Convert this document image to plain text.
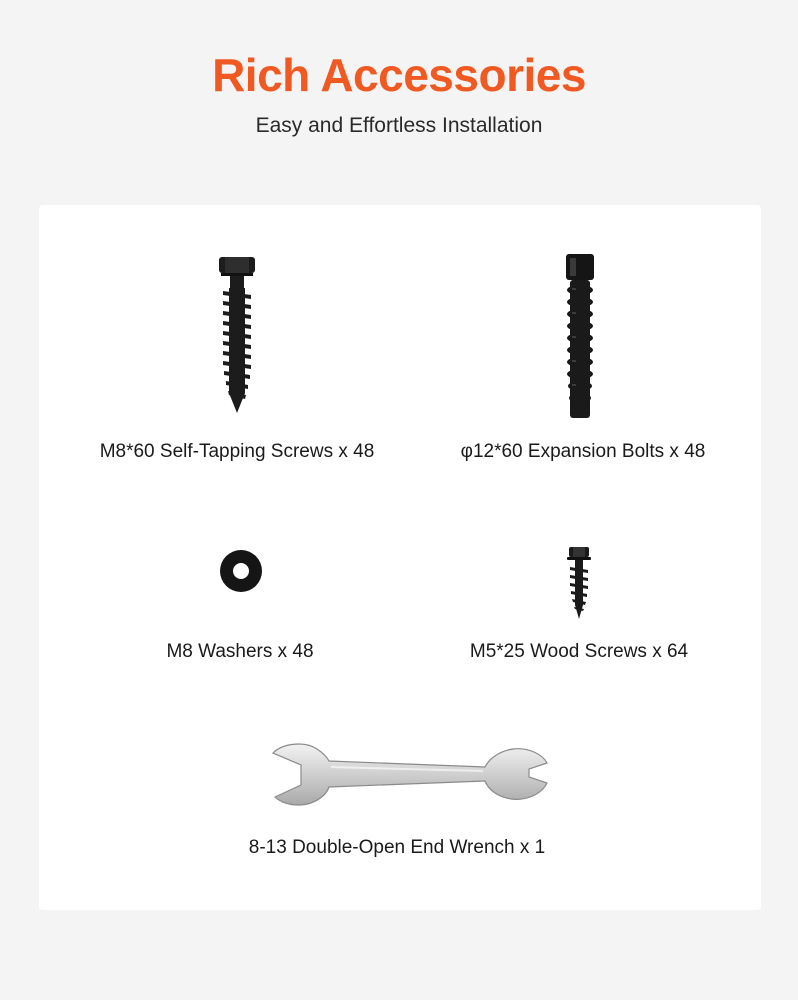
Rich Accessories
Easy and Effortless Installation
M8*60 Self-Tapping Screws x 48	φ12*60 Expansion Bolts x 48
M8 Washers x 48	M5*25 Wood Screws x 64
8-13 Double-Open End Wrench x 1
